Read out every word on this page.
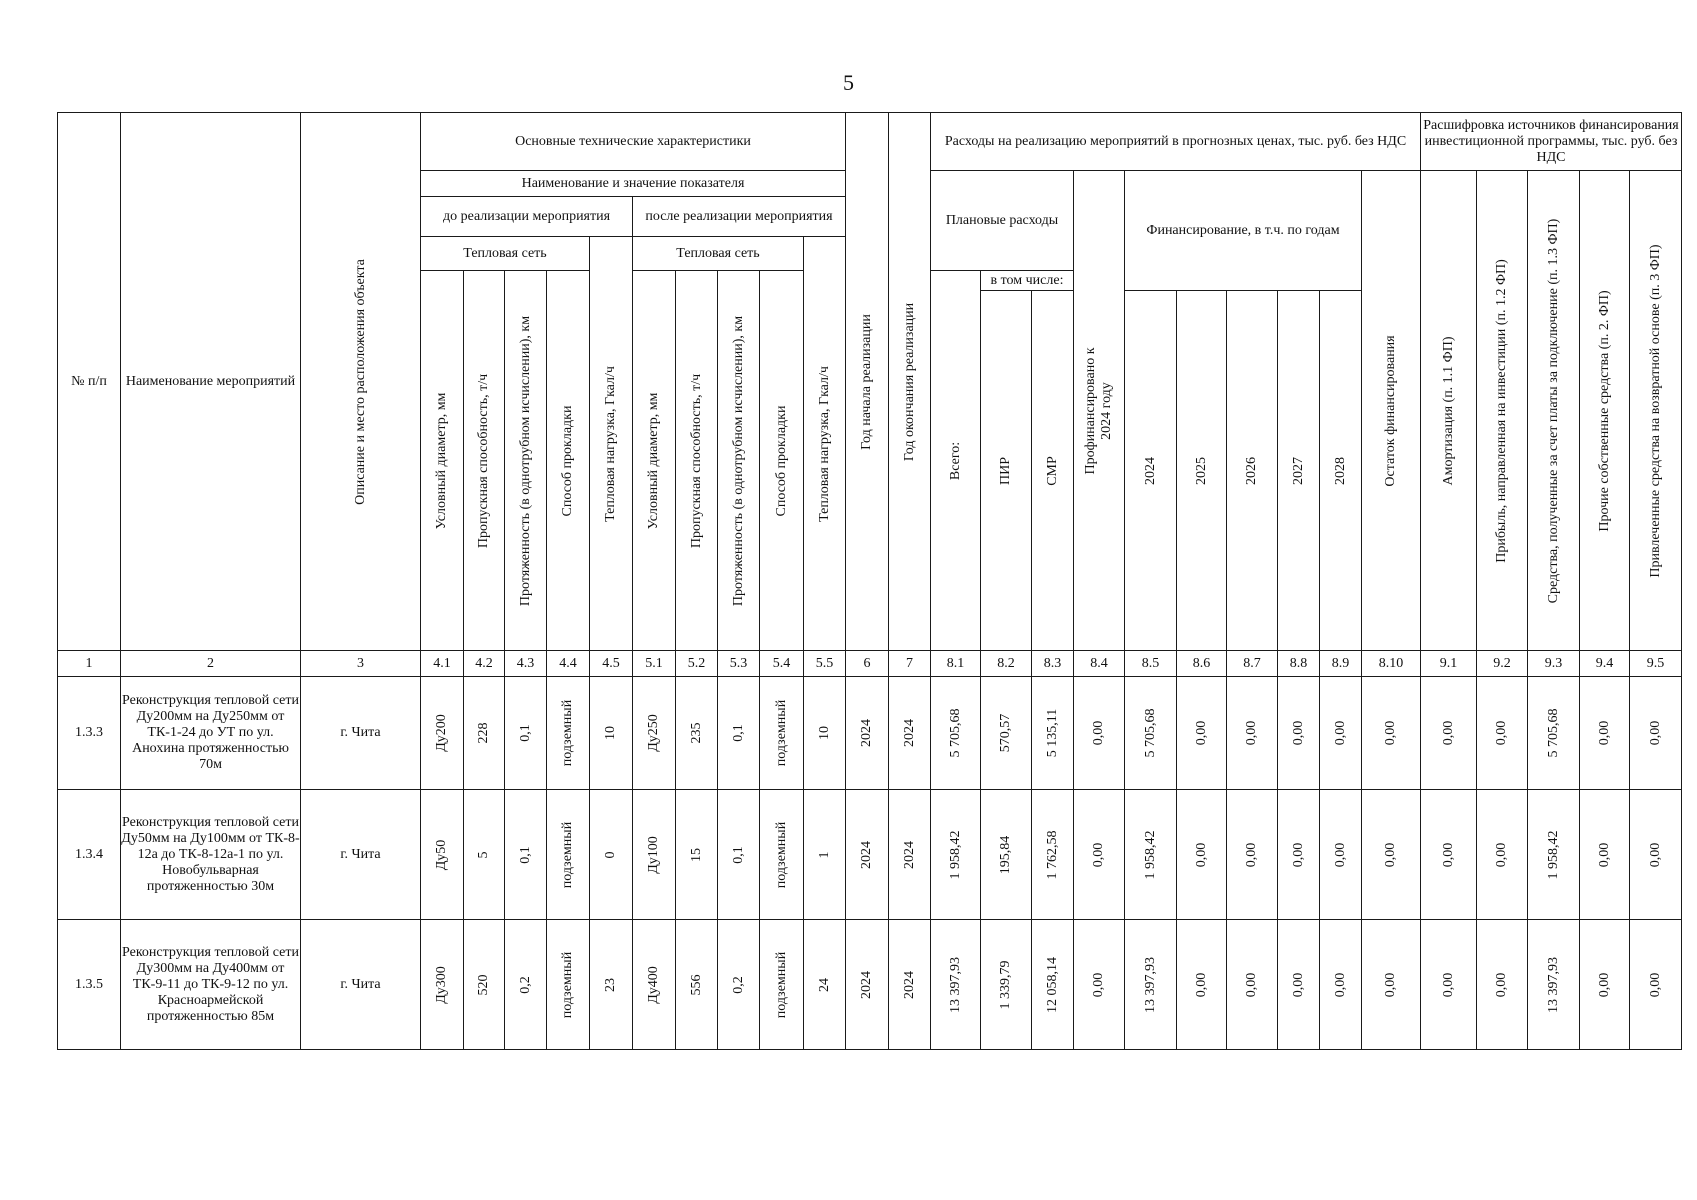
5
№ п/п	Наименование мероприятий	Описание и место расположения объекта	Основные технические характеристики										Год начала реализации	Год окончания реализации	Расходы на реализацию мероприятий в прогнозных ценах, тыс. руб. без НДС										Расшифровка источников финансирования инвестиционной программы, тыс. руб. без НДС				
			Наименование и значение показателя												Плановые расходы			Профинансировано к 2024 году	Финансирование, в т.ч. по годам					Остаток финансирования	Амортизация (п. 1.1 ФП)	Прибыль, направленная на инвестиции (п. 1.2 ФП)	Средства, полученные за счет платы за подключение (п. 1.3 ФП)	Прочие собственные средства (п. 2. ФП)	Привлеченные средства на возвратной основе (п. 3 ФП)

			до реализации мероприятия					после реализации мероприятия																					
			Тепловая сеть				Тепловая нагрузка, Гкал/ч	Тепловая сеть				Тепловая нагрузка, Гкал/ч																	

			Условный диаметр, мм	Пропускная способность, т/ч	Протяженность (в однотрубном исчислении), км	Способ прокладки		Условный диаметр, мм	Пропускная способность, т/ч	Протяженность (в однотрубном исчислении), км	Способ прокладки				Всего:	в том числе:													

																ПИР	СМР		2024	2025	2026	2027	2028						

1	2	3	4.1	4.2	4.3	4.4	4.5	5.1	5.2	5.3	5.4	5.5	6	7	8.1	8.2	8.3	8.4	8.5	8.6	8.7	8.8	8.9	8.10	9.1	9.2	9.3	9.4	9.5
1.3.3	Реконструкция тепловой сети Ду200мм на Ду250мм от ТК-1-24 до УТ по ул. Анохина протяженностью 70м	г. Чита	Ду200	228	0,1	подземный	10	Ду250	235	0,1	подземный	10	2024	2024	5 705,68	570,57	5 135,11	0,00	5 705,68	0,00	0,00	0,00	0,00	0,00	0,00	0,00	5 705,68	0,00	0,00

1.3.4	Реконструкция тепловой сети Ду50мм на Ду100мм от ТК-8-12а до ТК-8-12а-1 по ул. Новобульварная протяженностью 30м	г. Чита	Ду50	5	0,1	подземный	0	Ду100	15	0,1	подземный	1	2024	2024	1 958,42	195,84	1 762,58	0,00	1 958,42	0,00	0,00	0,00	0,00	0,00	0,00	0,00	1 958,42	0,00	0,00

1.3.5	Реконструкция тепловой сети Ду300мм на Ду400мм от ТК-9-11 до ТК-9-12 по ул. Красноармейской протяженностью 85м	г. Чита	Ду300	520	0,2	подземный	23	Ду400	556	0,2	подземный	24	2024	2024	13 397,93	1 339,79	12 058,14	0,00	13 397,93	0,00	0,00	0,00	0,00	0,00	0,00	0,00	13 397,93	0,00	0,00
